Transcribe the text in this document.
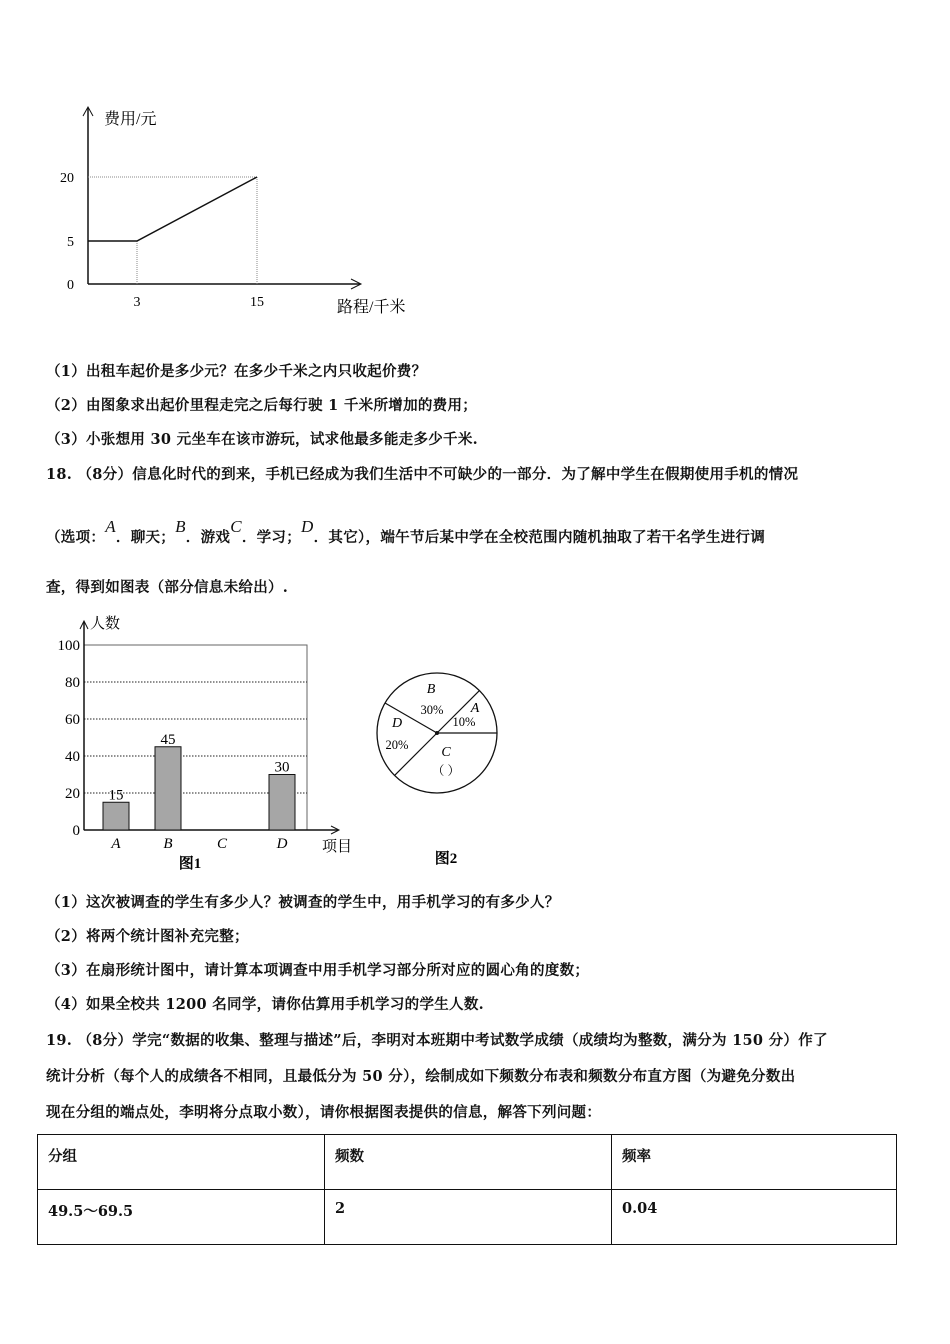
费用/元
路程/千米
0
5
20
3	15
人数
项目
0
20
40
60
80
100
A
15
B
45
C	D
30
图1
A
10%
B
30%
D
20% C
（ ）
图2
（1）出租车起价是多少元？在多少千米之内只收起价费？
（2）由图象求出起价里程走完之后每行驶 1 千米所增加的费用；
（3）小张想用 30 元坐车在该市游玩，试求他最多能走多少千米.
18. （8分）信息化时代的到来，手机已经成为我们生活中不可缺少的一部分．为了解中学生在假期使用手机的情况
（选项：A．聊天；B．游戏C．学习；D．其它），端午节后某中学在全校范围内随机抽取了若干名学生进行调
查，得到如图表（部分信息未给出）.
（1）这次被调查的学生有多少人？被调查的学生中，用手机学习的有多少人？
（2）将两个统计图补充完整；
（3）在扇形统计图中，请计算本项调查中用手机学习部分所对应的圆心角的度数；
（4）如果全校共 1200 名同学，请你估算用手机学习的学生人数.
19. （8分）学完“数据的收集、整理与描述”后，李明对本班期中考试数学成绩（成绩均为整数，满分为 150 分）作了
统计分析（每个人的成绩各不相同，且最低分为 50 分），绘制成如下频数分布表和频数分布直方图（为避免分数出
现在分组的端点处，李明将分点取小数），请你根据图表提供的信息，解答下列问题：
分组	频数	频率
49.5～69.5	2	0.04
